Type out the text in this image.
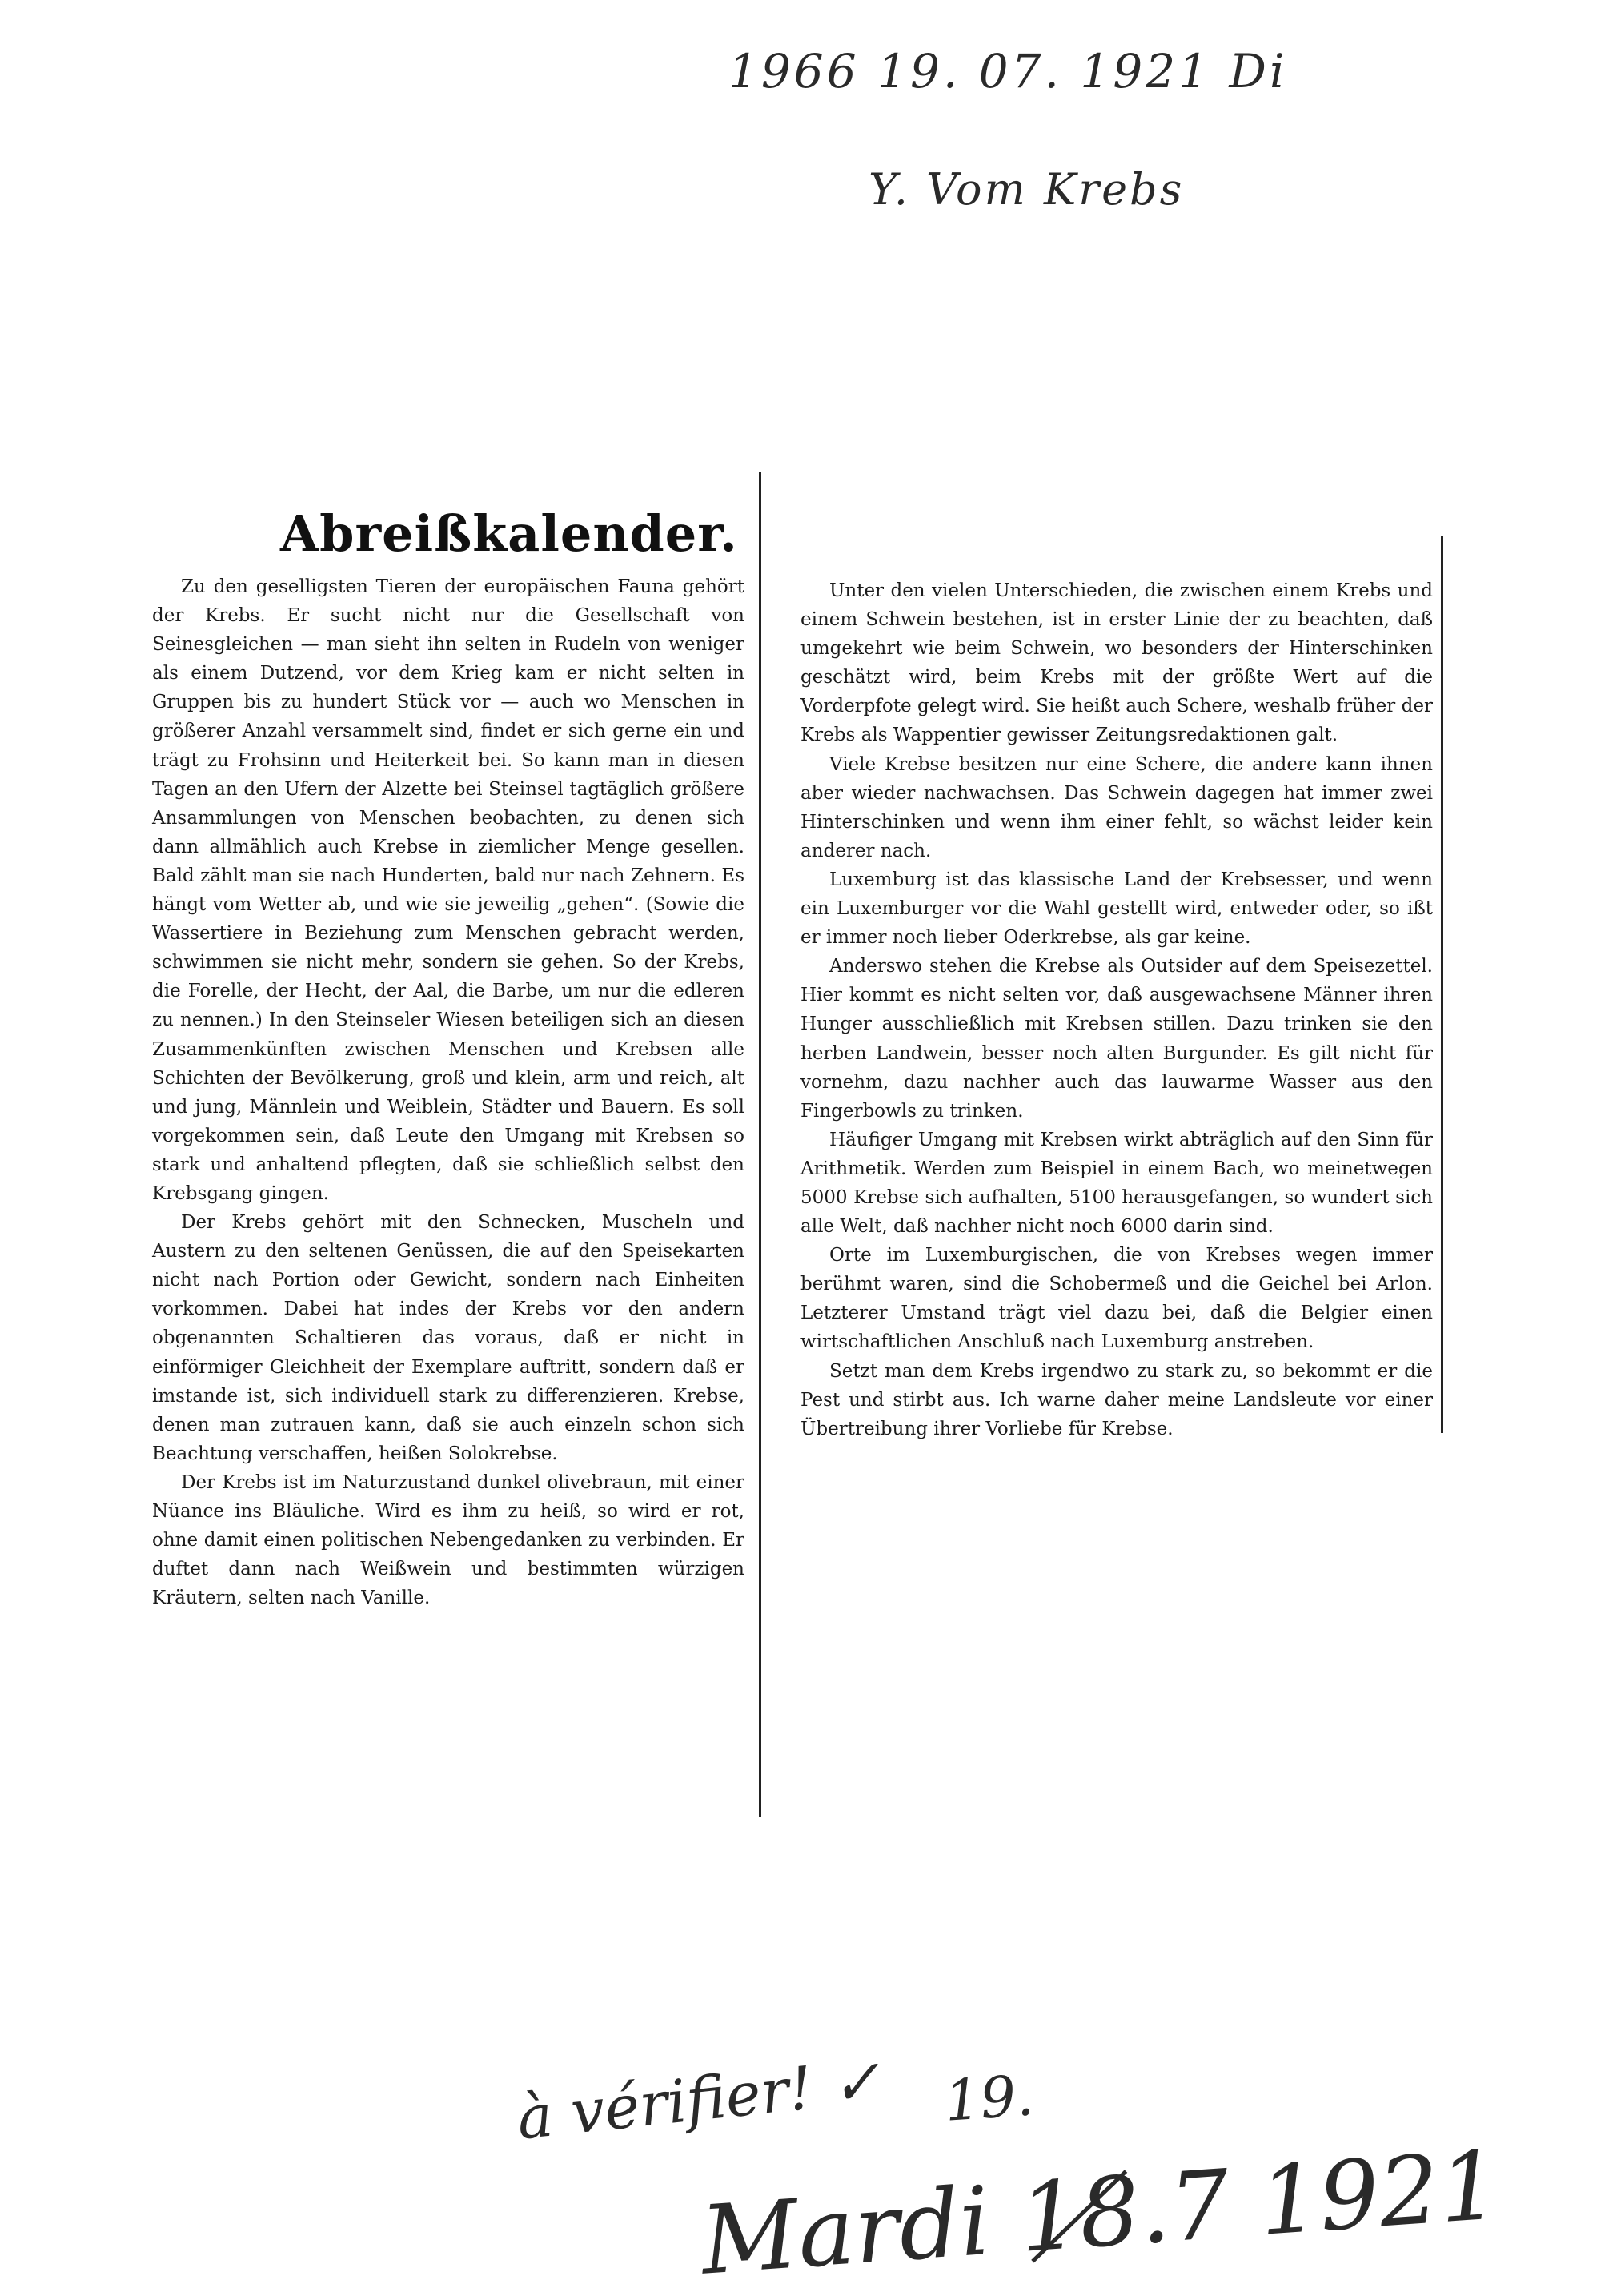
1966 19. 07. 1921 Di
Y. Vom Krebs
Abreißkalender.

Zu den geselligsten Tieren der europäischen Fauna gehört der Krebs. Er sucht nicht nur die Gesellschaft von Seinesgleichen — man sieht ihn selten in Rudeln von weniger als einem Dutzend, vor dem Krieg kam er nicht selten in Gruppen bis zu hundert Stück vor — auch wo Menschen in größerer Anzahl versammelt sind, findet er sich gerne ein und trägt zu Frohsinn und Heiterkeit bei. So kann man in diesen Tagen an den Ufern der Alzette bei Steinsel tagtäglich größere Ansammlungen von Menschen beobachten, zu denen sich dann allmählich auch Krebse in ziemlicher Menge gesellen. Bald zählt man sie nach Hunderten, bald nur nach Zehnern. Es hängt vom Wetter ab, und wie sie jeweilig „gehen“. (Sowie die Wassertiere in Beziehung zum Menschen gebracht werden, schwimmen sie nicht mehr, sondern sie gehen. So der Krebs, die Forelle, der Hecht, der Aal, die Barbe, um nur die edleren zu nennen.) In den Steinseler Wiesen beteiligen sich an diesen Zusammenkünften zwischen Menschen und Krebsen alle Schichten der Bevölkerung, groß und klein, arm und reich, alt und jung, Männlein und Weiblein, Städter und Bauern. Es soll vorgekommen sein, daß Leute den Umgang mit Krebsen so stark und anhaltend pflegten, daß sie schließlich selbst den Krebsgang gingen.

Der Krebs gehört mit den Schnecken, Muscheln und Austern zu den seltenen Genüssen, die auf den Speisekarten nicht nach Portion oder Gewicht, sondern nach Einheiten vorkommen. Dabei hat indes der Krebs vor den andern obgenannten Schaltieren das voraus, daß er nicht in einförmiger Gleichheit der Exemplare auftritt, sondern daß er imstande ist, sich individuell stark zu differenzieren. Krebse, denen man zutrauen kann, daß sie auch einzeln schon sich Beachtung verschaffen, heißen Solokrebse.

Der Krebs ist im Naturzustand dunkel olivebraun, mit einer Nüance ins Bläuliche. Wird es ihm zu heiß, so wird er rot, ohne damit einen politischen Nebengedanken zu verbinden. Er duftet dann nach Weißwein und bestimmten würzigen Kräutern, selten nach Vanille.

Unter den vielen Unterschieden, die zwischen einem Krebs und einem Schwein bestehen, ist in erster Linie der zu beachten, daß umgekehrt wie beim Schwein, wo besonders der Hinterschinken geschätzt wird, beim Krebs mit der größte Wert auf die Vorderpfote gelegt wird. Sie heißt auch Schere, weshalb früher der Krebs als Wappentier gewisser Zeitungsredaktionen galt.

Viele Krebse besitzen nur eine Schere, die andere kann ihnen aber wieder nachwachsen. Das Schwein dagegen hat immer zwei Hinterschinken und wenn ihm einer fehlt, so wächst leider kein anderer nach.

Luxemburg ist das klassische Land der Krebsesser, und wenn ein Luxemburger vor die Wahl gestellt wird, entweder oder, so ißt er immer noch lieber Oderkrebse, als gar keine.

Anderswo stehen die Krebse als Outsider auf dem Speisezettel. Hier kommt es nicht selten vor, daß ausgewachsene Männer ihren Hunger ausschließlich mit Krebsen stillen. Dazu trinken sie den herben Landwein, besser noch alten Burgunder. Es gilt nicht für vornehm, dazu nachher auch das lauwarme Wasser aus den Fingerbowls zu trinken.

Häufiger Umgang mit Krebsen wirkt abträglich auf den Sinn für Arithmetik. Werden zum Beispiel in einem Bach, wo meinetwegen 5000 Krebse sich aufhalten, 5100 herausgefangen, so wundert sich alle Welt, daß nachher nicht noch 6000 darin sind.

Orte im Luxemburgischen, die von Krebses wegen immer berühmt waren, sind die Schobermeß und die Geichel bei Arlon. Letzterer Umstand trägt viel dazu bei, daß die Belgier einen wirtschaftlichen Anschluß nach Luxemburg anstreben.

Setzt man dem Krebs irgendwo zu stark zu, so bekommt er die Pest und stirbt aus. Ich warne daher meine Landsleute vor einer Übertreibung ihrer Vorliebe für Krebse.

à vérifier! ✓ 19.
Mardi 18.7 1921
